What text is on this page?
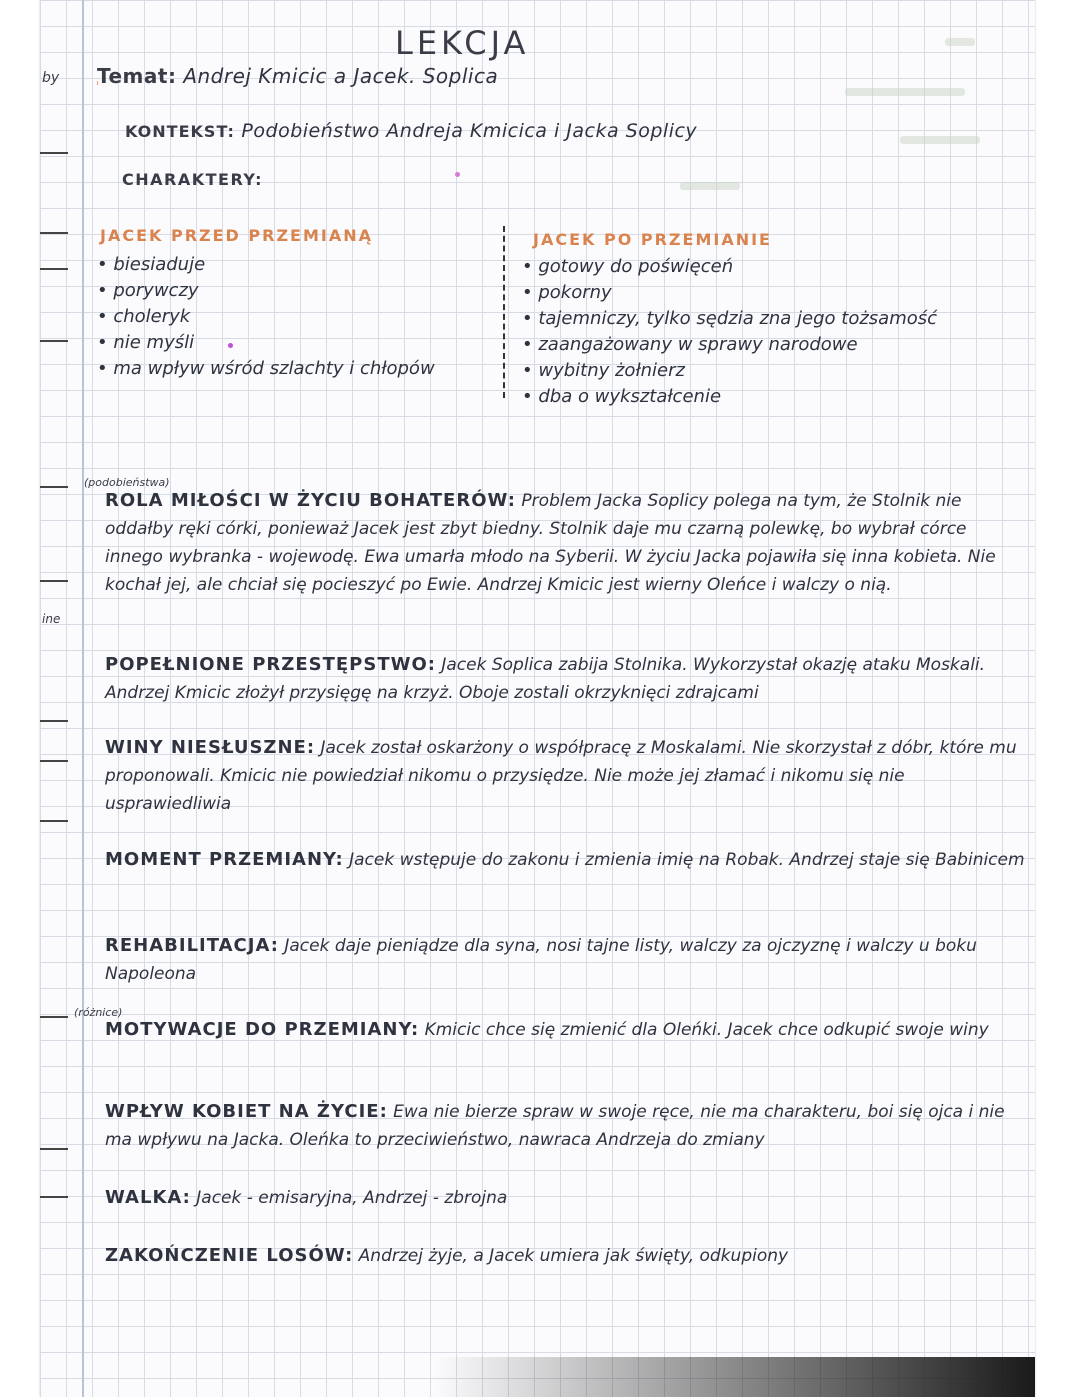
by
ine
LEKCJA
Temat: Andrej Kmicic a Jacek. Soplica
KONTEKST: Podobieństwo Andreja Kmicica i Jacka Soplicy
CHARAKTERY:
JACEK PRZED PRZEMIANĄ
• biesiaduje
• porywczy
• choleryk
• nie myśli
• ma wpływ wśród szlachty i chłopów
JACEK PO PRZEMIANIE
• gotowy do poświęceń
• pokorny
• tajemniczy, tylko sędzia zna jego tożsamość
• zaangażowany w sprawy narodowe
• wybitny żołnierz
• dba o wykształcenie
(podobieństwa)
ROLA MIŁOŚCI W ŻYCIU BOHATERÓW: Problem Jacka Soplicy polega na tym, że Stolnik nie oddałby ręki córki, ponieważ Jacek jest zbyt biedny. Stolnik daje mu czarną polewkę, bo wybrał córce innego wybranka - wojewodę. Ewa umarła młodo na Syberii. W życiu Jacka pojawiła się inna kobieta. Nie kochał jej, ale chciał się pocieszyć po Ewie. Andrzej Kmicic jest wierny Oleńce i walczy o nią.
POPEŁNIONE PRZESTĘPSTWO: Jacek Soplica zabija Stolnika. Wykorzystał okazję ataku Moskali. Andrzej Kmicic złożył przysięgę na krzyż. Oboje zostali okrzyknięci zdrajcami
WINY NIESŁUSZNE: Jacek został oskarżony o współpracę z Moskalami. Nie skorzystał z dóbr, które mu proponowali. Kmicic nie powiedział nikomu o przysiędze. Nie może jej złamać i nikomu się nie usprawiedliwia
MOMENT PRZEMIANY: Jacek wstępuje do zakonu i zmienia imię na Robak. Andrzej staje się Babinicem
REHABILITACJA: Jacek daje pieniądze dla syna, nosi tajne listy, walczy za ojczyznę i walczy u boku Napoleona
(różnice)
MOTYWACJE DO PRZEMIANY: Kmicic chce się zmienić dla Oleńki. Jacek chce odkupić swoje winy
WPŁYW KOBIET NA ŻYCIE: Ewa nie bierze spraw w swoje ręce, nie ma charakteru, boi się ojca i nie ma wpływu na Jacka. Oleńka to przeciwieństwo, nawraca Andrzeja do zmiany
WALKA: Jacek - emisaryjna, Andrzej - zbrojna
ZAKOŃCZENIE LOSÓW: Andrzej żyje, a Jacek umiera jak święty, odkupiony
